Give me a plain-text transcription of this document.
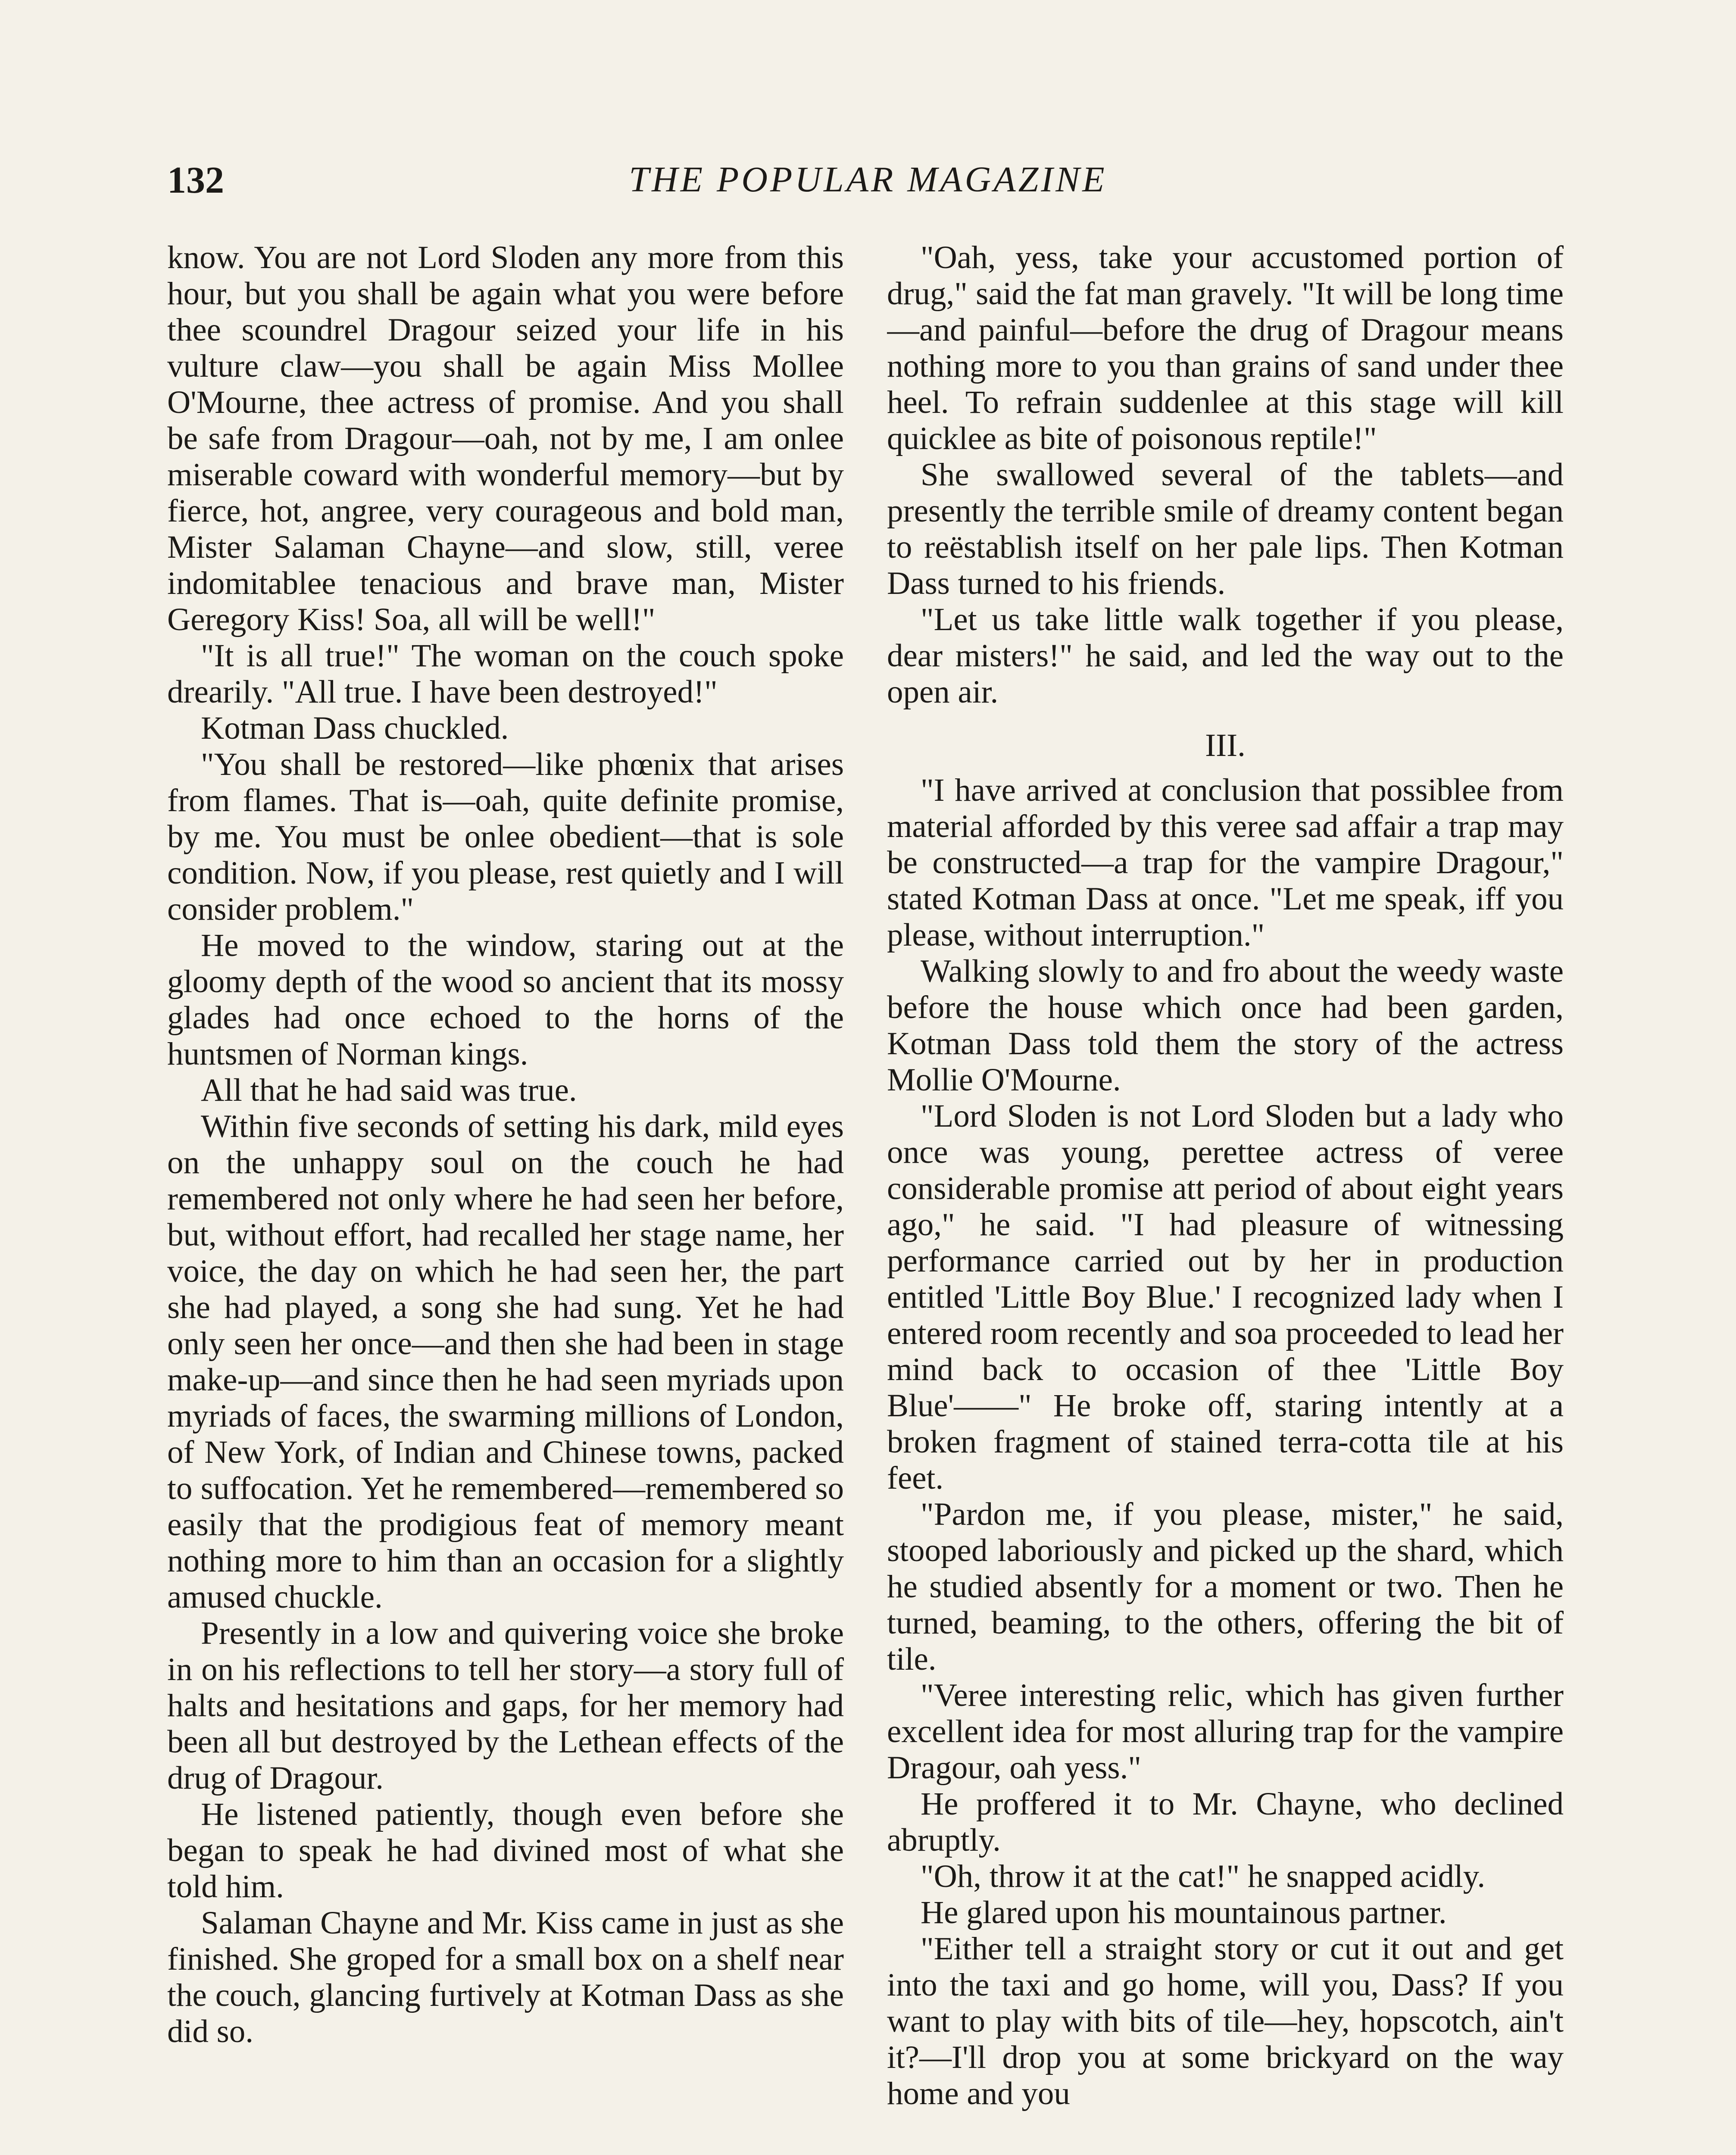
132	THE POPULAR MAGAZINE

know. You are not Lord Sloden any more from this hour, but you shall be again what you were before thee scoundrel Dragour seized your life in his vulture claw—you shall be again Miss Mollee O'Mourne, thee actress of promise. And you shall be safe from Dragour—oah, not by me, I am onlee miserable coward with wonderful memory—but by fierce, hot, angree, very courageous and bold man, Mister Salaman Chayne—and slow, still, veree indomitablee tenacious and brave man, Mister Geregory Kiss! Soa, all will be well!"

"It is all true!" The woman on the couch spoke drearily. "All true. I have been destroyed!"

Kotman Dass chuckled.

"You shall be restored—like phœnix that arises from flames. That is—oah, quite definite promise, by me. You must be onlee obedient—that is sole condition. Now, if you please, rest quietly and I will consider problem."

He moved to the window, staring out at the gloomy depth of the wood so ancient that its mossy glades had once echoed to the horns of the huntsmen of Norman kings.

All that he had said was true.

Within five seconds of setting his dark, mild eyes on the unhappy soul on the couch he had remembered not only where he had seen her before, but, without effort, had recalled her stage name, her voice, the day on which he had seen her, the part she had played, a song she had sung. Yet he had only seen her once—and then she had been in stage make-up—and since then he had seen myriads upon myriads of faces, the swarming millions of London, of New York, of Indian and Chinese towns, packed to suffocation. Yet he remembered—remembered so easily that the prodigious feat of memory meant nothing more to him than an occasion for a slightly amused chuckle.

Presently in a low and quivering voice she broke in on his reflections to tell her story—a story full of halts and hesitations and gaps, for her memory had been all but destroyed by the Lethean effects of the drug of Dragour.

He listened patiently, though even before she began to speak he had divined most of what she told him.

Salaman Chayne and Mr. Kiss came in just as she finished. She groped for a small box on a shelf near the couch, glancing furtively at Kotman Dass as she did so.

"Oah, yess, take your accustomed portion of drug," said the fat man gravely. "It will be long time—and painful—before the drug of Dragour means nothing more to you than grains of sand under thee heel. To refrain suddenlee at this stage will kill quicklee as bite of poisonous reptile!"

She swallowed several of the tablets—and presently the terrible smile of dreamy content began to reëstablish itself on her pale lips. Then Kotman Dass turned to his friends.

"Let us take little walk together if you please, dear misters!" he said, and led the way out to the open air.

III.

"I have arrived at conclusion that possiblee from material afforded by this veree sad affair a trap may be constructed—a trap for the vampire Dragour," stated Kotman Dass at once. "Let me speak, iff you please, without interruption."

Walking slowly to and fro about the weedy waste before the house which once had been garden, Kotman Dass told them the story of the actress Mollie O'Mourne.

"Lord Sloden is not Lord Sloden but a lady who once was young, perettee actress of veree considerable promise att period of about eight years ago," he said. "I had pleasure of witnessing performance carried out by her in production entitled 'Little Boy Blue.' I recognized lady when I entered room recently and soa proceeded to lead her mind back to occasion of thee 'Little Boy Blue'——" He broke off, staring intently at a broken fragment of stained terra-cotta tile at his feet.

"Pardon me, if you please, mister," he said, stooped laboriously and picked up the shard, which he studied absently for a moment or two. Then he turned, beaming, to the others, offering the bit of tile.

"Veree interesting relic, which has given further excellent idea for most alluring trap for the vampire Dragour, oah yess."

He proffered it to Mr. Chayne, who declined abruptly.

"Oh, throw it at the cat!" he snapped acidly.

He glared upon his mountainous partner.

"Either tell a straight story or cut it out and get into the taxi and go home, will you, Dass? If you want to play with bits of tile—hey, hopscotch, ain't it?—I'll drop you at some brickyard on the way home and you
